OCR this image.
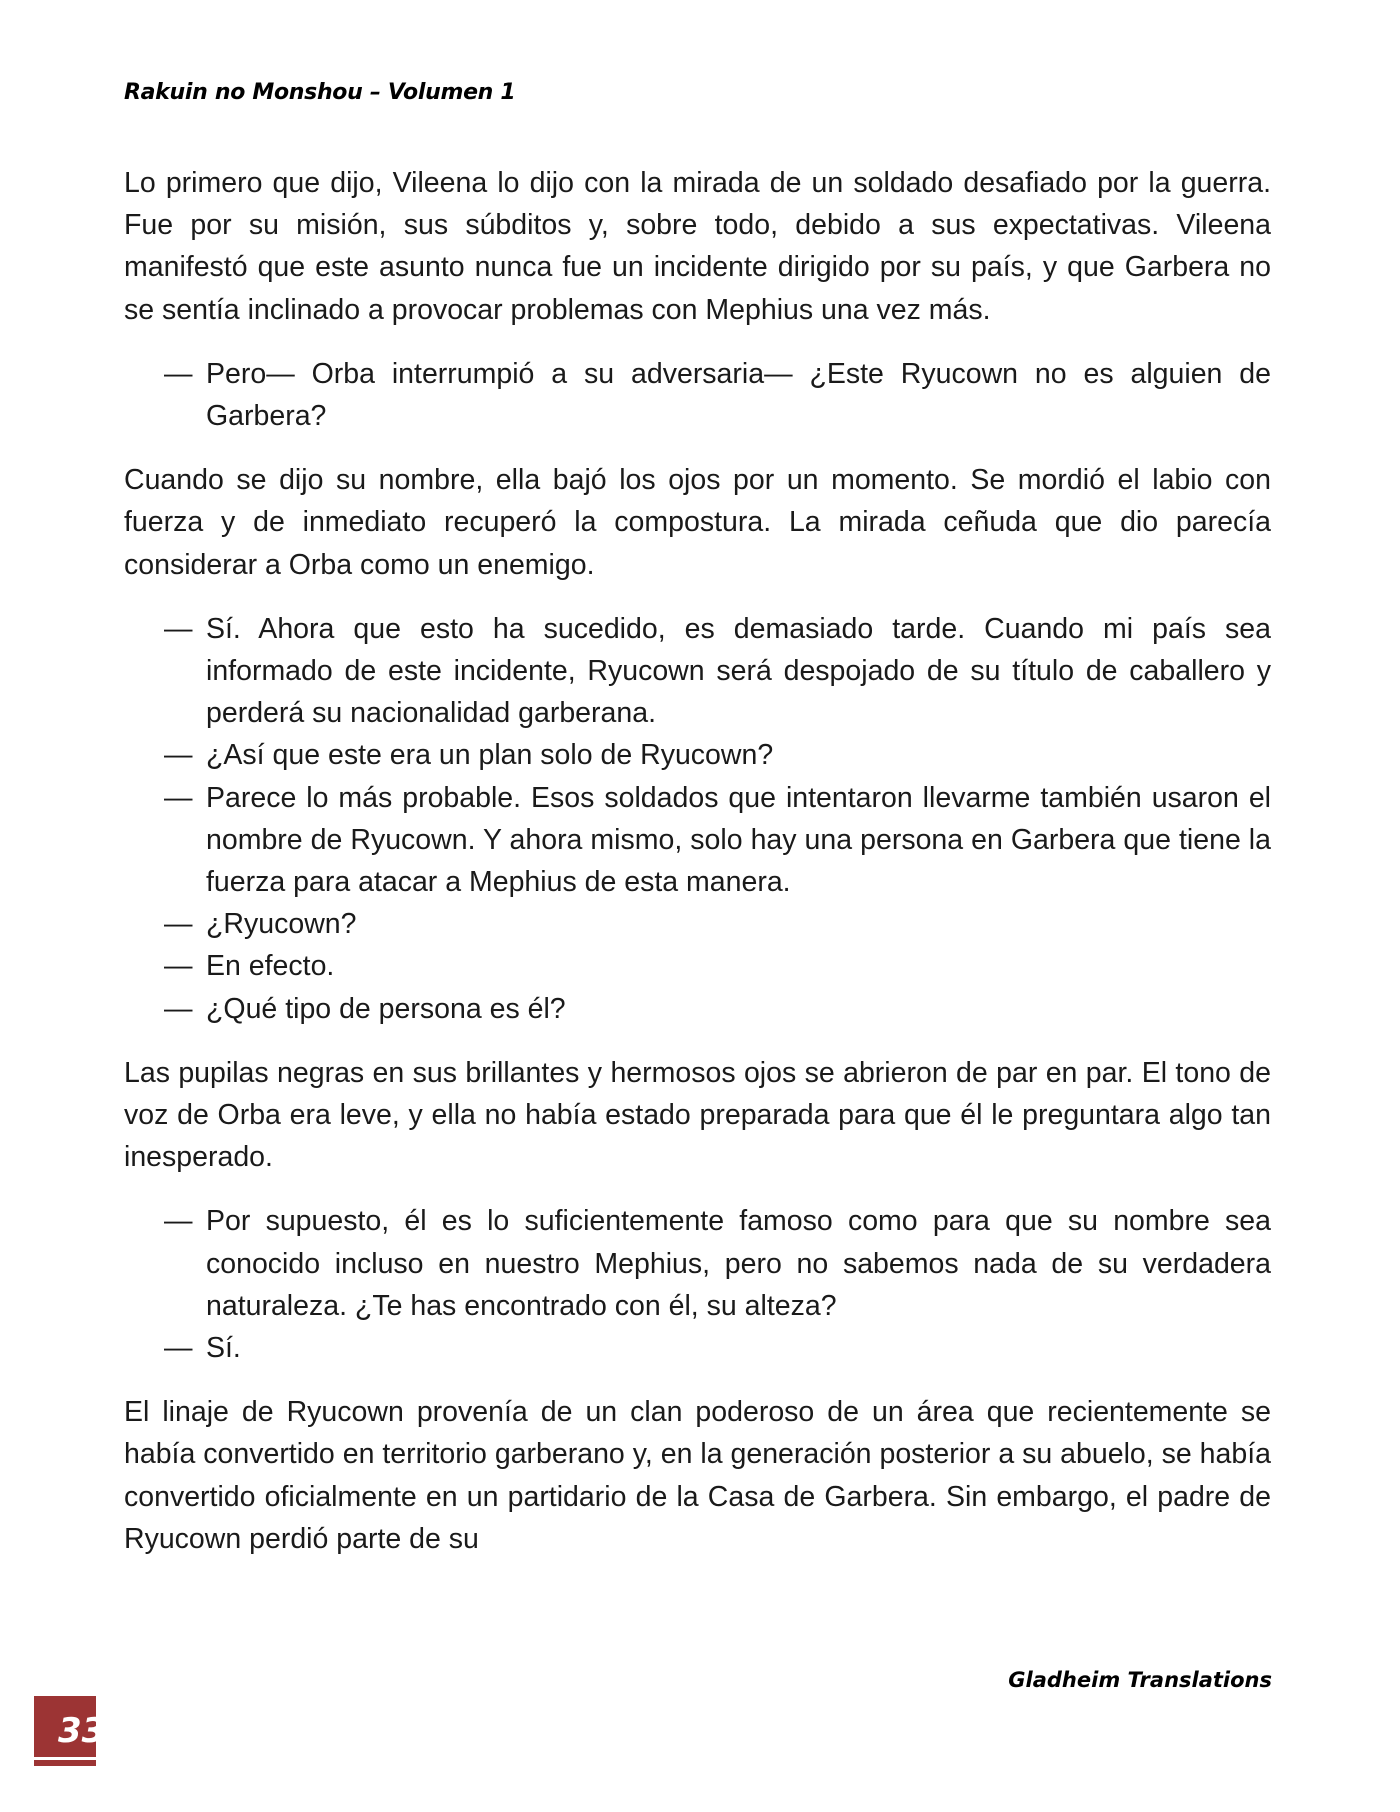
Rakuin no Monshou – Volumen 1

Lo primero que dijo, Vileena lo dijo con la mirada de un soldado desafiado por la guerra. Fue por su misión, sus súbditos y, sobre todo, debido a sus expectativas. Vileena manifestó que este asunto nunca fue un incidente dirigido por su país, y que Garbera no se sentía inclinado a provocar problemas con Mephius una vez más.

— Pero— Orba interrumpió a su adversaria— ¿Este Ryucown no es alguien de Garbera?

Cuando se dijo su nombre, ella bajó los ojos por un momento. Se mordió el labio con fuerza y de inmediato recuperó la compostura. La mirada ceñuda que dio parecía considerar a Orba como un enemigo.

— Sí. Ahora que esto ha sucedido, es demasiado tarde. Cuando mi país sea informado de este incidente, Ryucown será despojado de su título de caballero y perderá su nacionalidad garberana.

— ¿Así que este era un plan solo de Ryucown?

— Parece lo más probable. Esos soldados que intentaron llevarme también usaron el nombre de Ryucown. Y ahora mismo, solo hay una persona en Garbera que tiene la fuerza para atacar a Mephius de esta manera.

— ¿Ryucown?

— En efecto.

— ¿Qué tipo de persona es él?

Las pupilas negras en sus brillantes y hermosos ojos se abrieron de par en par. El tono de voz de Orba era leve, y ella no había estado preparada para que él le preguntara algo tan inesperado.

— Por supuesto, él es lo suficientemente famoso como para que su nombre sea conocido incluso en nuestro Mephius, pero no sabemos nada de su verdadera naturaleza. ¿Te has encontrado con él, su alteza?

— Sí.

El linaje de Ryucown provenía de un clan poderoso de un área que recientemente se había convertido en territorio garberano y, en la generación posterior a su abuelo, se había convertido oficialmente en un partidario de la Casa de Garbera. Sin embargo, el padre de Ryucown perdió parte de su

Gladheim Translations
33
